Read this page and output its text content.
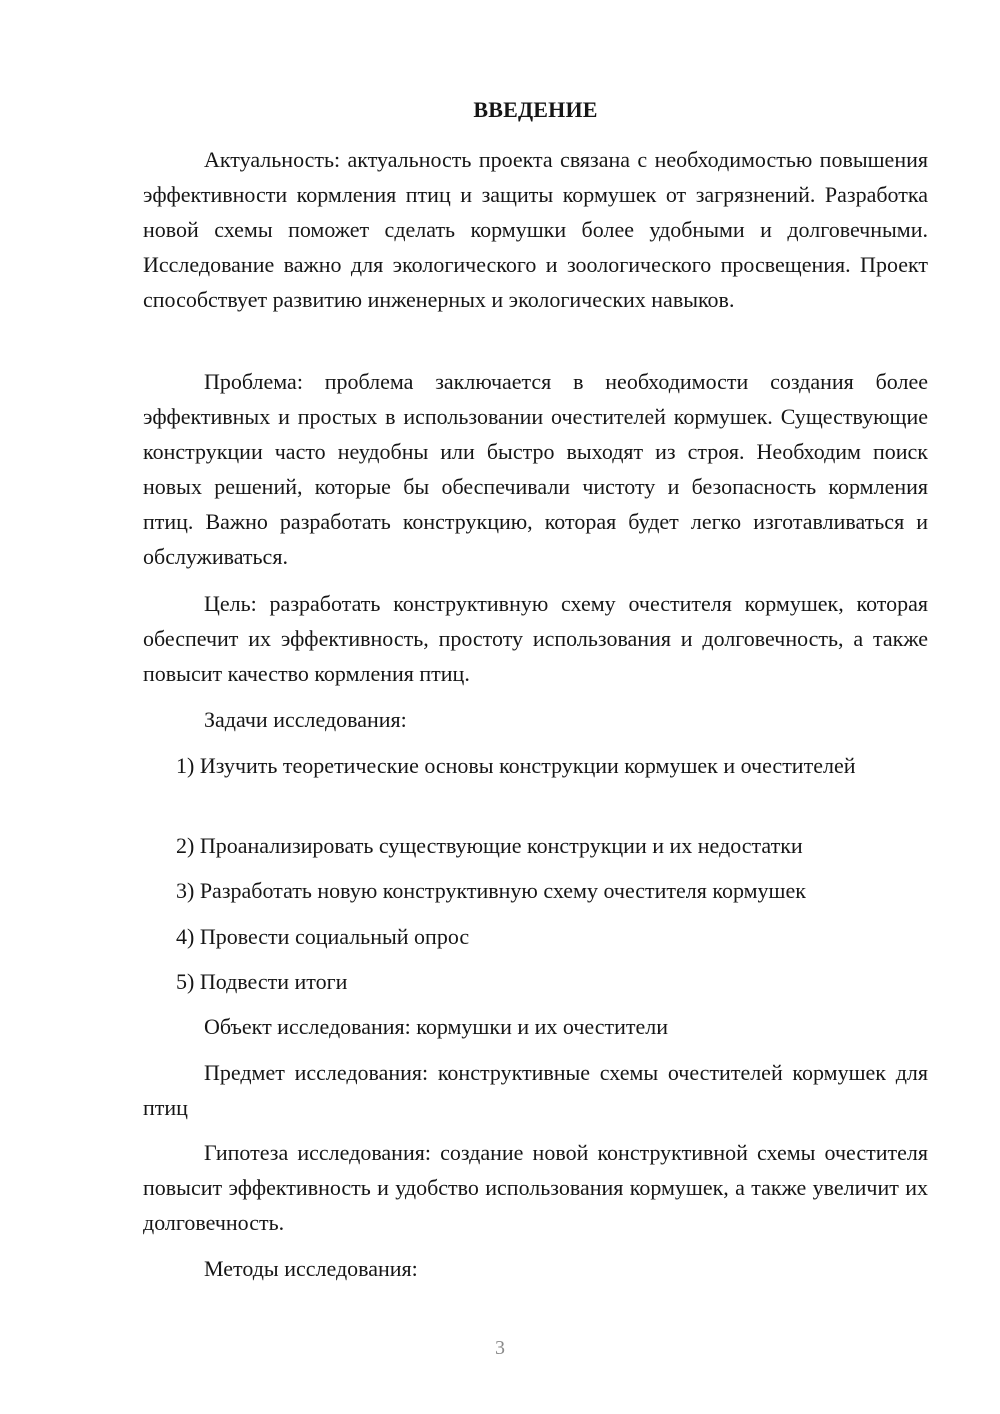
ВВЕДЕНИЕ

Актуальность: актуальность проекта связана с необходимостью повышения эффективности кормления птиц и защиты кормушек от загрязнений. Разработка новой схемы поможет сделать кормушки более удобными и долговечными. Исследование важно для экологического и зоологического просвещения. Проект способствует развитию инженерных и экологических навыков.

Проблема: проблема заключается в необходимости создания более эффективных и простых в использовании очестителей кормушек. Существующие конструкции часто неудобны или быстро выходят из строя. Необходим поиск новых решений, которые бы обеспечивали чистоту и безопасность кормления птиц. Важно разработать конструкцию, которая будет легко изготавливаться и обслуживаться.

Цель: разработать конструктивную схему очестителя кормушек, которая обеспечит их эффективность, простоту использования и долговечность, а также повысит качество кормления птиц.

Задачи исследования:

1) Изучить теоретические основы конструкции кормушек и очестителей

2) Проанализировать существующие конструкции и их недостатки

3) Разработать новую конструктивную схему очестителя кормушек

4) Провести социальный опрос

5) Подвести итоги

Объект исследования: кормушки и их очестители

Предмет исследования: конструктивные схемы очестителей кормушек для птиц

Гипотеза исследования: создание новой конструктивной схемы очестителя повысит эффективность и удобство использования кормушек, а также увеличит их долговечность.

Методы исследования:

3
